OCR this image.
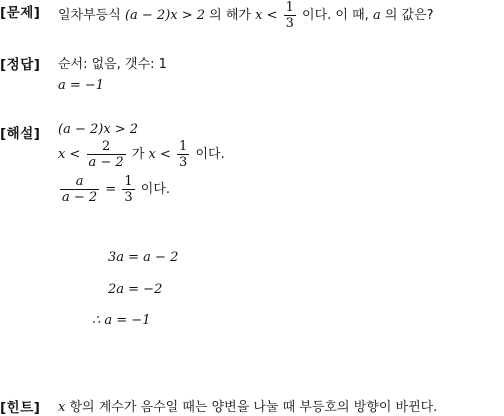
[문제] 일차부등식 (a − 2)x > 2 의 해가 $x < \frac{1}{3}$ 이다. 이 때, a 의 값은?
[정답] 순서: 없음, 갯수: 1
a = −1
[해설] (a − 2)x > 2
$x < \frac{2}{a - 2}$ 가 $x < \frac{1}{3}$ 이다.
$\frac{a}{a - 2} = \frac{1}{3}$ 이다.
3a = a − 2
2a = −2
∴ a = −1
[힌트] x 항의 계수가 음수일 때는 양변을 나눌 때 부등호의 방향이 바뀐다.
